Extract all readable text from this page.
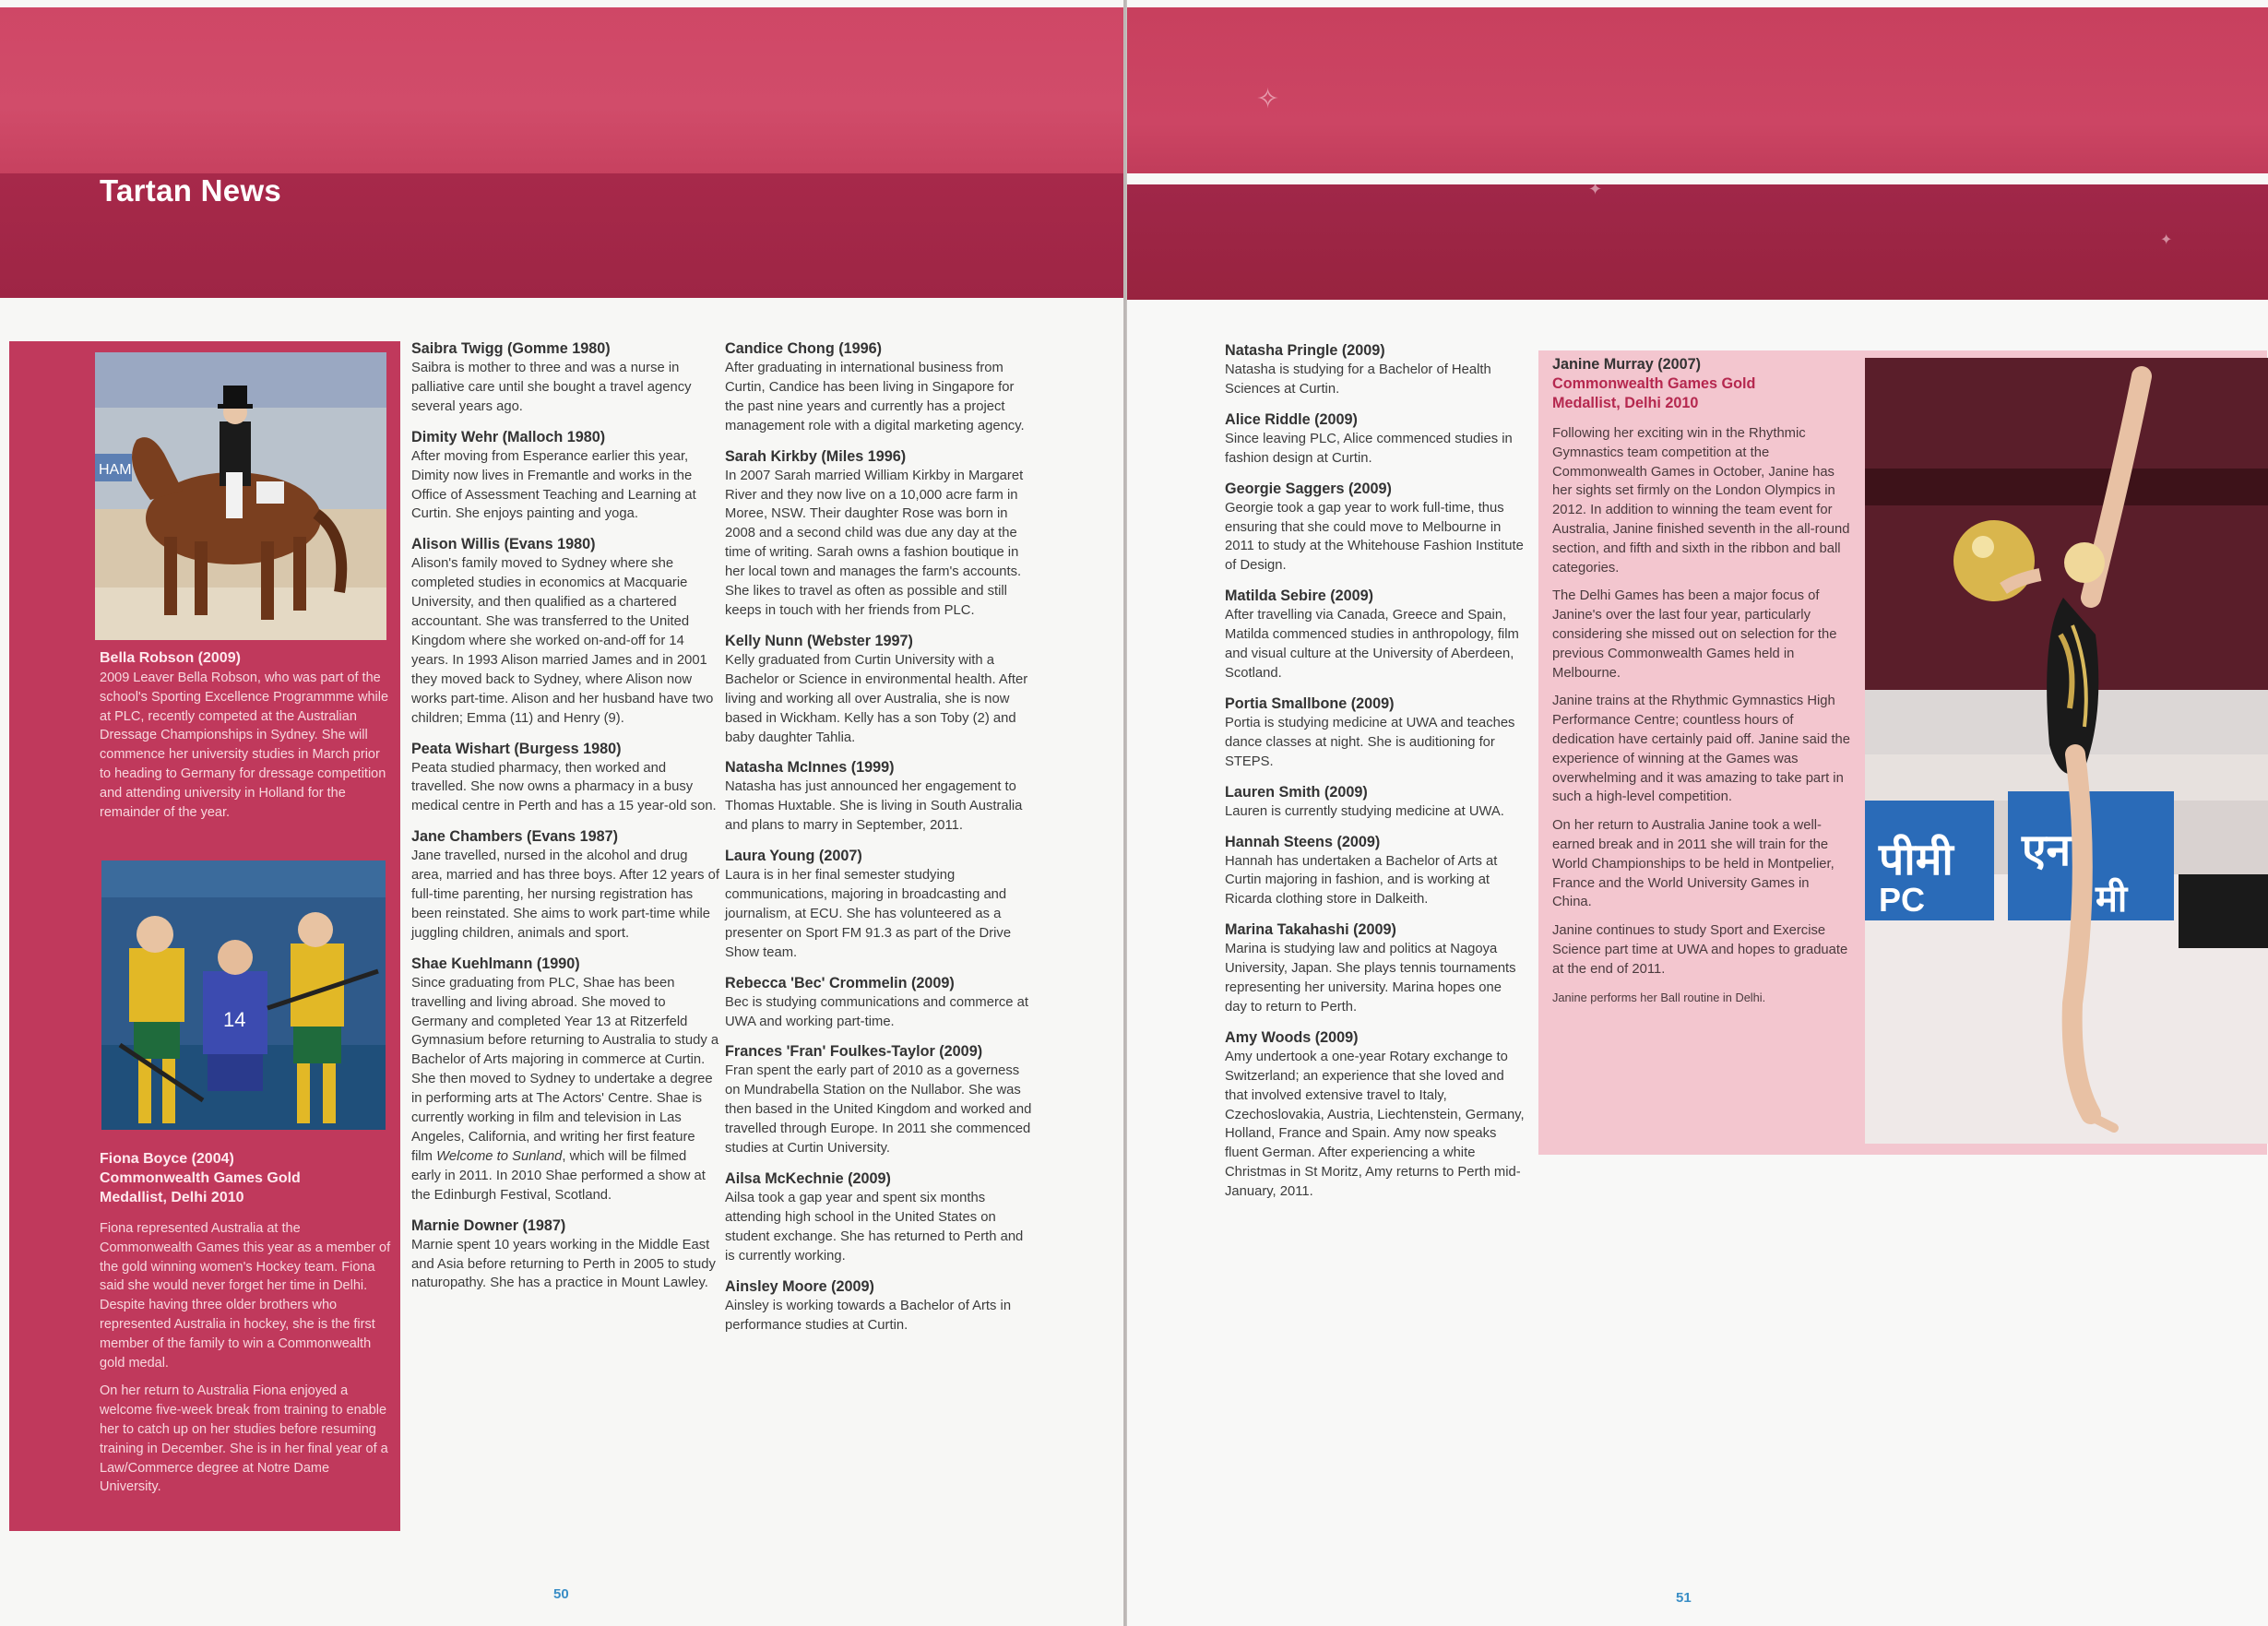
Tartan News
HAM
Bella Robson (2009)
2009 Leaver Bella Robson, who was part of the school's Sporting Excellence Programmme while at PLC, recently competed at the Australian Dressage Championships in Sydney. She will commence her university studies in March prior to heading to Germany for dressage competition and attending university in Holland for the remainder of the year.
14
Fiona Boyce (2004)
Commonwealth Games Gold
Medallist, Delhi 2010

Fiona represented Australia at the Commonwealth Games this year as a member of the gold winning women's Hockey team. Fiona said she would never forget her time in Delhi. Despite having three older brothers who represented Australia in hockey, she is the first member of the family to win a Commonwealth gold medal.

On her return to Australia Fiona enjoyed a welcome five-week break from training to enable her to catch up on her studies before resuming training in December. She is in her final year of a Law/Commerce degree at Notre Dame University.

Saibra Twigg (Gomme 1980)

Saibra is mother to three and was a nurse in palliative care until she bought a travel agency several years ago.

Dimity Wehr (Malloch 1980)

After moving from Esperance earlier this year, Dimity now lives in Fremantle and works in the Office of Assessment Teaching and Learning at Curtin. She enjoys painting and yoga.

Alison Willis (Evans 1980)

Alison's family moved to Sydney where she completed studies in economics at Macquarie University, and then qualified as a chartered accountant. She was transferred to the United Kingdom where she worked on-and-off for 14 years. In 1993 Alison married James and in 2001 they moved back to Sydney, where Alison now works part-time. Alison and her husband have two children; Emma (11) and Henry (9).

Peata Wishart (Burgess 1980)

Peata studied pharmacy, then worked and travelled. She now owns a pharmacy in a busy medical centre in Perth and has a 15 year-old son.

Jane Chambers (Evans 1987)

Jane travelled, nursed in the alcohol and drug area, married and has three boys. After 12 years of full-time parenting, her nursing registration has been reinstated. She aims to work part-time while juggling children, animals and sport.

Shae Kuehlmann (1990)

Since graduating from PLC, Shae has been travelling and living abroad. She moved to Germany and completed Year 13 at Ritzerfeld Gymnasium before returning to Australia to study a Bachelor of Arts majoring in commerce at Curtin. She then moved to Sydney to undertake a degree in performing arts at The Actors' Centre. Shae is currently working in film and television in Las Angeles, California, and writing her first feature film Welcome to Sunland, which will be filmed early in 2011. In 2010 Shae performed a show at the Edinburgh Festival, Scotland.

Marnie Downer (1987)

Marnie spent 10 years working in the Middle East and Asia before returning to Perth in 2005 to study naturopathy. She has a practice in Mount Lawley.

Candice Chong (1996)

After graduating in international business from Curtin, Candice has been living in Singapore for the past nine years and currently has a project management role with a digital marketing agency.

Sarah Kirkby (Miles 1996)

In 2007 Sarah married William Kirkby in Margaret River and they now live on a 10,000 acre farm in Moree, NSW. Their daughter Rose was born in 2008 and a second child was due any day at the time of writing. Sarah owns a fashion boutique in her local town and manages the farm's accounts. She likes to travel as often as possible and still keeps in touch with her friends from PLC.

Kelly Nunn (Webster 1997)

Kelly graduated from Curtin University with a Bachelor or Science in environmental health. After living and working all over Australia, she is now based in Wickham. Kelly has a son Toby (2) and baby daughter Tahlia.

Natasha McInnes (1999)

Natasha has just announced her engagement to Thomas Huxtable. She is living in South Australia and plans to marry in September, 2011.

Laura Young (2007)

Laura is in her final semester studying communications, majoring in broadcasting and journalism, at ECU. She has volunteered as a presenter on Sport FM 91.3 as part of the Drive Show team.

Rebecca 'Bec' Crommelin (2009)

Bec is studying communications and commerce at UWA and working part-time.

Frances 'Fran' Foulkes-Taylor (2009)

Fran spent the early part of 2010 as a governess on Mundrabella Station on the Nullabor. She was then based in the United Kingdom and worked and travelled through Europe. In 2011 she commenced studies at Curtin University.

Ailsa McKechnie (2009)

Ailsa took a gap year and spent six months attending high school in the United States on student exchange. She has returned to Perth and is currently working.

Ainsley Moore (2009)

Ainsley is working towards a Bachelor of Arts in performance studies at Curtin.

50
✧
✦
✦
Natasha Pringle (2009)

Natasha is studying for a Bachelor of Health Sciences at Curtin.

Alice Riddle (2009)

Since leaving PLC, Alice commenced studies in fashion design at Curtin.

Georgie Saggers (2009)

Georgie took a gap year to work full-time, thus ensuring that she could move to Melbourne in 2011 to study at the Whitehouse Fashion Institute of Design.

Matilda Sebire (2009)

After travelling via Canada, Greece and Spain, Matilda commenced studies in anthropology, film and visual culture at the University of Aberdeen, Scotland.

Portia Smallbone (2009)

Portia is studying medicine at UWA and teaches dance classes at night. She is auditioning for STEPS.

Lauren Smith (2009)

Lauren is currently studying medicine at UWA.

Hannah Steens (2009)

Hannah has undertaken a Bachelor of Arts at Curtin majoring in fashion, and is working at Ricarda clothing store in Dalkeith.

Marina Takahashi (2009)

Marina is studying law and politics at Nagoya University, Japan. She plays tennis tournaments representing her university. Marina hopes one day to return to Perth.

Amy Woods (2009)

Amy undertook a one-year Rotary exchange to Switzerland; an experience that she loved and that involved extensive travel to Italy, Czechoslovakia, Austria, Liechtenstein, Germany, Holland, France and Spain. Amy now speaks fluent German. After experiencing a white Christmas in St Moritz, Amy returns to Perth mid-January, 2011.

Janine Murray (2007)
Commonwealth Games Gold
Medallist, Delhi 2010

Following her exciting win in the Rhythmic Gymnastics team competition at the Commonwealth Games in October, Janine has her sights set firmly on the London Olympics in 2012. In addition to winning the team event for Australia, Janine finished seventh in the all-round section, and fifth and sixth in the ribbon and ball categories.

The Delhi Games has been a major focus of Janine's over the last four year, particularly considering she missed out on selection for the previous Commonwealth Games held in Melbourne.

Janine trains at the Rhythmic Gymnastics High Performance Centre; countless hours of dedication have certainly paid off. Janine said the experience of winning at the Games was overwhelming and it was amazing to take part in such a high-level competition.

On her return to Australia Janine took a well-earned break and in 2011 she will train for the World Championships to be held in Montpelier, France and the World University Games in China.

Janine continues to study Sport and Exercise Science part time at UWA and hopes to graduate at the end of 2011.

Janine performs her Ball routine in Delhi.
पीमी
PC
एन
मी
51
